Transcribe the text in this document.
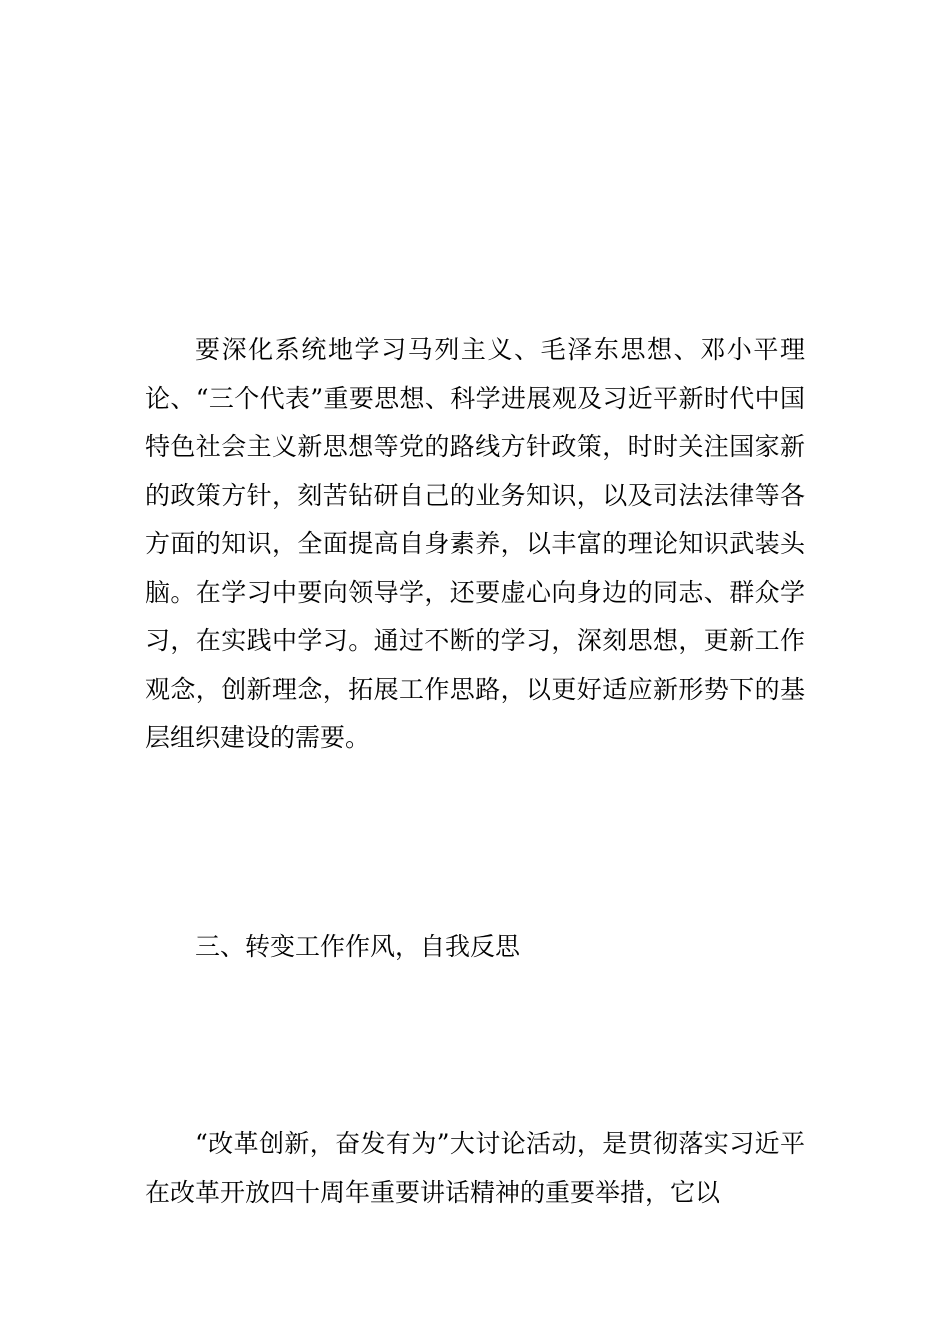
要深化系统地学习马列主义、毛泽东思想、邓小平理论、“三个代表”重要思想、科学进展观及习近平新时代中国特色社会主义新思想等党的路线方针政策，时时关注国家新的政策方针，刻苦钻研自己的业务知识，以及司法法律等各方面的知识，全面提高自身素养，以丰富的理论知识武装头脑。在学习中要向领导学，还要虚心向身边的同志、群众学习，在实践中学习。通过不断的学习，深刻思想，更新工作观念，创新理念，拓展工作思路，以更好适应新形势下的基层组织建设的需要。

三、转变工作作风，自我反思

“改革创新，奋发有为”大讨论活动，是贯彻落实习近平在改革开放四十周年重要讲话精神的重要举措，它以
